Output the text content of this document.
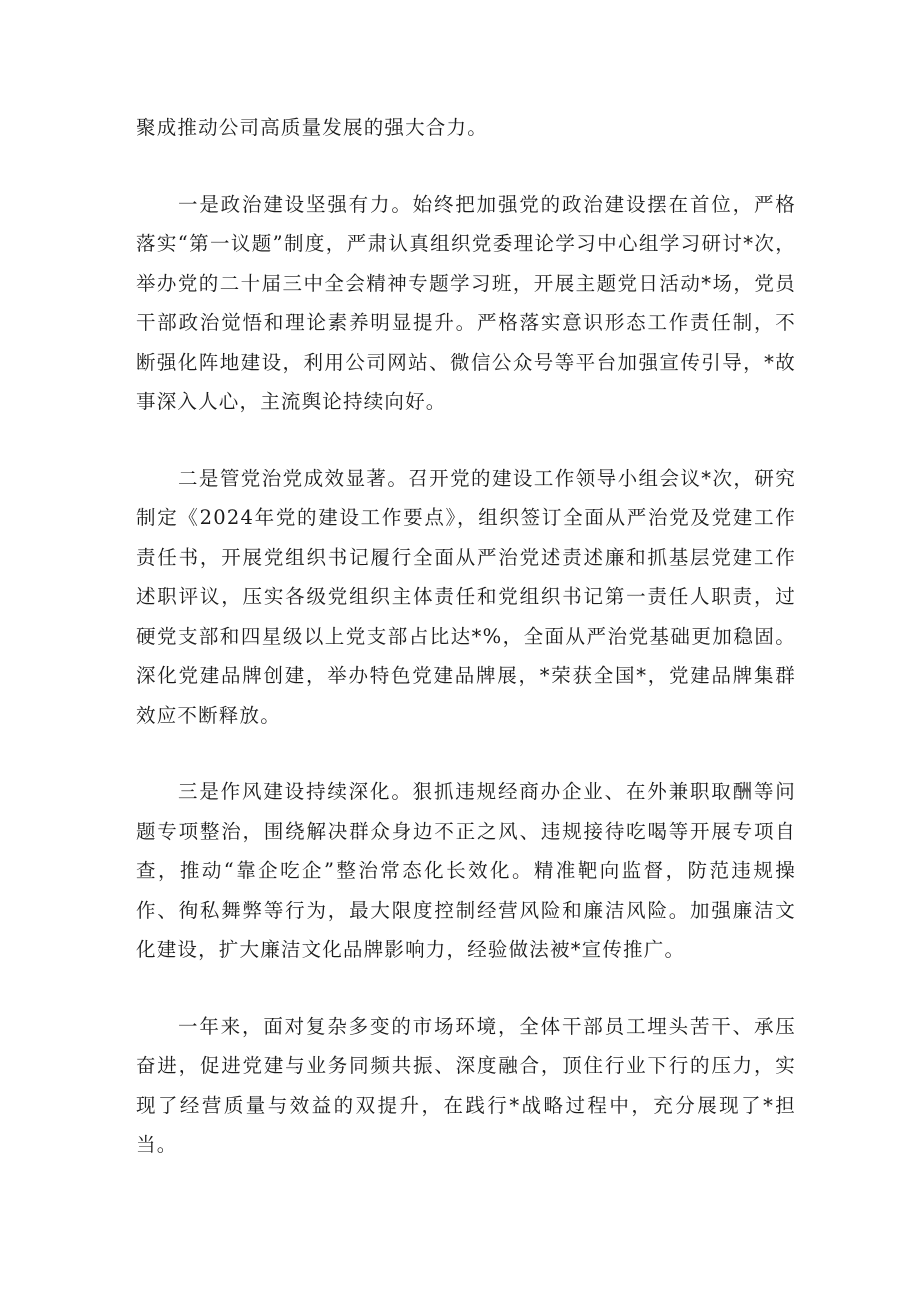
聚成推动公司高质量发展的强大合力。

一是政治建设坚强有力。始终把加强党的政治建设摆在首位，严格落实“第一议题”制度，严肃认真组织党委理论学习中心组学习研讨*次，举办党的二十届三中全会精神专题学习班，开展主题党日活动*场，党员干部政治觉悟和理论素养明显提升。严格落实意识形态工作责任制，不断强化阵地建设，利用公司网站、微信公众号等平台加强宣传引导，*故事深入人心，主流舆论持续向好。

二是管党治党成效显著。召开党的建设工作领导小组会议*次，研究制定《2024年党的建设工作要点》，组织签订全面从严治党及党建工作责任书，开展党组织书记履行全面从严治党述责述廉和抓基层党建工作述职评议，压实各级党组织主体责任和党组织书记第一责任人职责，过硬党支部和四星级以上党支部占比达*%，全面从严治党基础更加稳固。深化党建品牌创建，举办特色党建品牌展，*荣获全国*，党建品牌集群效应不断释放。

三是作风建设持续深化。狠抓违规经商办企业、在外兼职取酬等问题专项整治，围绕解决群众身边不正之风、违规接待吃喝等开展专项自查，推动“靠企吃企”整治常态化长效化。精准靶向监督，防范违规操作、徇私舞弊等行为，最大限度控制经营风险和廉洁风险。加强廉洁文化建设，扩大廉洁文化品牌影响力，经验做法被*宣传推广。

一年来，面对复杂多变的市场环境，全体干部员工埋头苦干、承压奋进，促进党建与业务同频共振、深度融合，顶住行业下行的压力，实现了经营质量与效益的双提升，在践行*战略过程中，充分展现了*担当。
